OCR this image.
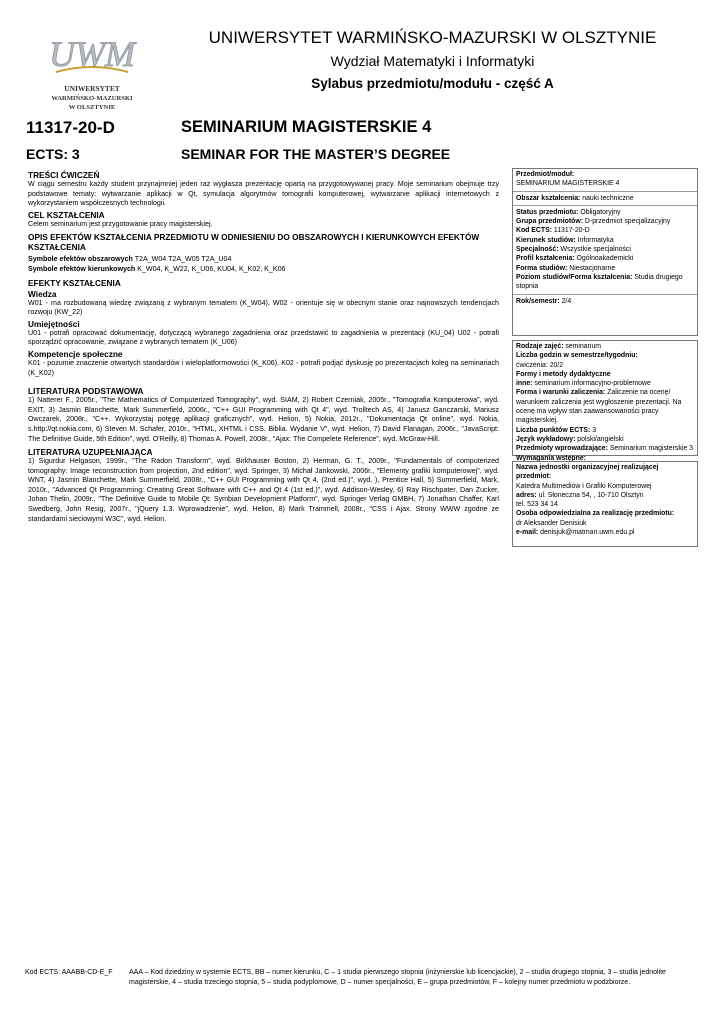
UWM
UNIWERSYTET
WARMIŃSKO-MAZURSKI
W OLSZTYNIE
UNIWERSYTET WARMIŃSKO-MAZURSKI W OLSZTYNIE
Wydział Matematyki i Informatyki
Sylabus przedmiotu/modułu - część A
11317-20-D
ECTS: 3
SEMINARIUM MAGISTERSKIE 4
SEMINAR FOR THE MASTER’S DEGREE
TREŚCI ĆWICZEŃ
W ciągu semestru każdy student przynajmniej jeden raz wygłasza prezentację opartą na przygotowywanej pracy. Moje seminarium obejmuje trzy podstawowe tematy: wytwarzanie aplikacji w Qt, symulacja algorytmów tomografii komputerowej, wytwarzanie aplikacji internetowych z wykorzystaniem współczesnych technologii.
CEL KSZTAŁCENIA
Celem seminarium jest przygotowanie pracy magisterskiej.
OPIS EFEKTÓW KSZTAŁCENIA PRZEDMIOTU W ODNIESIENIU DO OBSZAROWYCH I KIERUNKOWYCH EFEKTÓW KSZTAŁCENIA
Symbole efektów obszarowych T2A_W04 T2A_W05 T2A_U04
Symbole efektów kierunkowych K_W04, K_W22, K_U06, KU04, K_K02, K_K06
EFEKTY KSZTAŁCENIA
Wiedza
W01 - ma rozbudowaną wiedzę związaną z wybranym tematem (K_W04), W02 - orientuje się w obecnym stanie oraz najnowszych tendencjach rozwoju (KW_22)
Umiejętności
U01 - potrafi opracować dokumentację, dotyczącą wybranego zagadnienia oraz przedstawić to zagadnienia w prezentacji (KU_04) U02 - potrafi sporządzić opracowanie, związane z wybranych tematem (K_U06)
Kompetencje społeczne
K01 - pozumie znaczenie otwartych standardów i wieloplatformowości (K_K06). K02 - potrafi podjąć dyskusję po prezentacjach koleg na seminariach (K_K02)
LITERATURA PODSTAWOWA
1) Natterer F., 2005r., "The Mathematics of Computerized Tomography", wyd. SIAM, 2) Robert Czerniak, 2005r., "Tomografia Komputerowa", wyd. EXIT, 3) Jasmin Blanchette, Mark Summerfield, 2006r., "C++ GUI Programming with Qt 4", wyd. Trolltech AS, 4) Janusz Ganczarski, Mariusz Owczarek, 2008r., "C++. Wykorzystaj potęgę aplikacji graficznych", wyd. Helion, 5) Nokia, 2012r., "Dokumentacja Qt online", wyd. Nokia, s.http://qt.nokia.com, 6) Steven M. Schafer, 2010r., "HTML, XHTML i CSS. Biblia. Wydanie V", wyd. Helion, 7) David Flanagan, 2006r., "JavaScript: The Definitive Guide, 5th Edition", wyd. O'Reilly, 8) Thomas A. Powell, 2008r., "Ajax: The Compelete Reference", wyd. McGraw-Hill.
LITERATURA UZUPEŁNIAJĄCA
1) Sigurdur Helgason, 1999r., "The Radon Transform", wyd. Birkhauser Boston, 2) Herman, G. T., 2009r., "Fundamentals of computerized tomography: Image reconstruction from projection, 2nd edition", wyd. Springer, 3) Michał Jankowski, 2006r., "Elementy grafiki komputerowej", wyd. WNT, 4) Jasmin Blanchette, Mark Summerfield, 2008r., "C++ GUI Programming with Qt 4, (2nd ed.)", wyd. ), Prentice Hall, 5) Summerfield, Mark, 2010r., "Advanced Qt Programming: Creating Great Software with C++ and Qt 4 (1st ed.)", wyd. Addison-Wesley, 6) Ray Rischpater, Dan Zucker, Johan Thelin, 2009r., "The Definitive Guide to Mobile Qt: Symbian Development Platform", wyd. Springer Verlag GMBH, 7) Jonathan Chaffer, Karl Swedberg, John Resig, 2007r., "jQuery 1.3. Wprowadzenie", wyd. Helion, 8) Mark Trammell, 2008r., "CSS i Ajax. Strony WWW zgodne ze standardami sieciowymi W3C", wyd. Helion.
Przedmiot/moduł:
SEMINARIUM MAGISTERSKIE 4
Obszar kształcenia: nauki techniczne
Status przedmiotu: Obligatoryjny
Grupa przedmiotów: D-przedmiot specjalizacyjny
Kod ECTS: 11317-20-D
Kierunek studiów: Informatyka
Specjalność: Wszystkie specjalności
Profil kształcenia: Ogólnoakademicki
Forma studiów: Niestacjonarne
Poziom studiów/Forma kształcenia: Studia drugiego stopnia
Rok/semestr: 2/4
Rodzaje zajęć: seminarium
Liczba godzin w semestrze/tygodniu:
ćwiczenia: 20/2
Formy i metody dydaktyczne
inne: seminarium informacyjno-problemowe
Forma i warunki zaliczenia: Zaliczenie na ocenę/ warunkiem zaliczenia jest wygłoszenie prezentacji. Na ocenę ma wpływ stan zaawansowaności pracy magisterskiej.
Liczba punktów ECTS: 3
Język wykładowy: polski/angielski
Przedmioty wprowadzające: Seminarium magisterskie 3
Wymagania wstępne:
Nazwa jednostki organizacyjnej realizującej przedmiot:
Katedra Multimediów i Grafiki Komputerowej
adres: ul. Słoneczna 54, , 10-710 Olsztyn
tel. 523 34 14
Osoba odpowiedzialna za realizację przedmiotu:
dr Aleksander Denisiuk
e-mail: denisjuk@matman.uwm.edu.pl
Kod ECTS: AAABB-CD-E_F AAA – Kod dziedziny w systemie ECTS, BB – numer kierunku, C – 1 studia pierwszego stopnia (inżynierskie lub licencjackie), 2 – studia drugiego stopnia, 3 – studia jednolite magisterskie, 4 – studia trzeciego stopnia, 5 – studia podyplomowe, D – numer specjalności, E – grupa przedmiotów, F – kolejny numer przedmiotu w podzbiorze.
